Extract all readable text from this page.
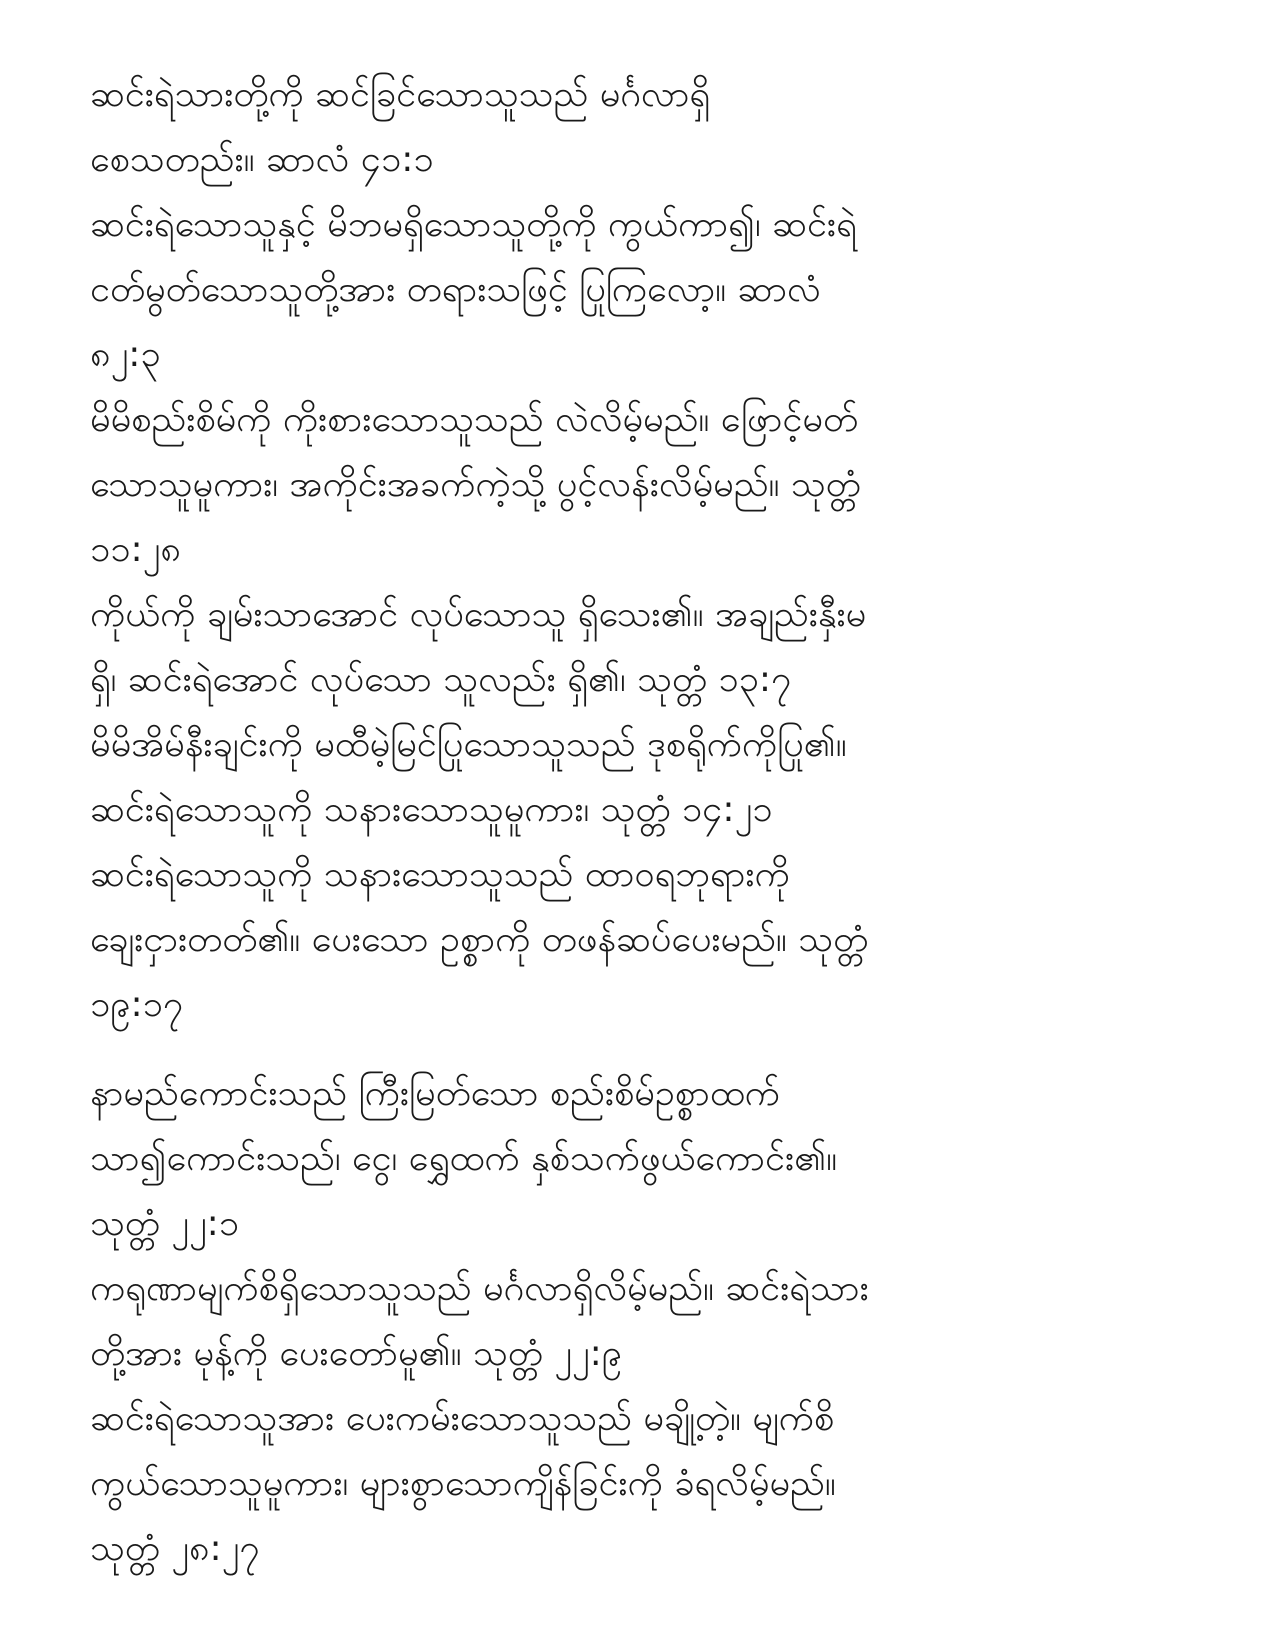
ဆင်းရဲသားတို့ကို ဆင်ခြင်သောသူသည် မင်္ဂလာရှိ
စေသတည်း။ ဆာလံ ၄၁:၁
ဆင်းရဲသောသူနှင့် မိဘမရှိသောသူတို့ကို ကွယ်ကာ၍၊ ဆင်းရဲ
ငတ်မွတ်သောသူတို့အား တရားသဖြင့် ပြုကြလော့။ ဆာလံ
၈၂:၃
မိမိစည်းစိမ်ကို ကိုးစားသောသူသည် လဲလိမ့်မည်။ ဖြောင့်မတ်
သောသူမူကား၊ အကိုင်းအခက်ကဲ့သို့ ပွင့်လန်းလိမ့်မည်။ သုတ္တံ
၁၁:၂၈
ကိုယ်ကို ချမ်းသာအောင် လုပ်သောသူ ရှိသေး၏။ အချည်းနှီးမ
ရှိ၊ ဆင်းရဲအောင် လုပ်သော သူလည်း ရှိ၏၊ သုတ္တံ ၁၃:၇
မိမိအိမ်နီးချင်းကို မထီမဲ့မြင်ပြုသောသူသည် ဒုစရိုက်ကိုပြု၏။
ဆင်းရဲသောသူကို သနားသောသူမူကား၊ သုတ္တံ ၁၄:၂၁
ဆင်းရဲသောသူကို သနားသောသူသည် ထာဝရဘုရားကို
ချေးငှားတတ်၏။ ပေးသော ဥစ္စာကို တဖန်ဆပ်ပေးမည်။ သုတ္တံ
၁၉:၁၇
နာမည်ကောင်းသည် ကြီးမြတ်သော စည်းစိမ်ဥစ္စာထက်
သာ၍ကောင်းသည်၊ ငွေ၊ ရွှေထက် နှစ်သက်ဖွယ်ကောင်း၏။
သုတ္တံ ၂၂:၁
ကရုဏာမျက်စိရှိသောသူသည် မင်္ဂလာရှိလိမ့်မည်။ ဆင်းရဲသား
တို့အား မုန့်ကို ပေးတော်မူ၏။ သုတ္တံ ၂၂:၉
ဆင်းရဲသောသူအား ပေးကမ်းသောသူသည် မချို့တဲ့။ မျက်စိ
ကွယ်သောသူမူကား၊ များစွာသောကျိန်ခြင်းကို ခံရလိမ့်မည်။
သုတ္တံ ၂၈:၂၇
